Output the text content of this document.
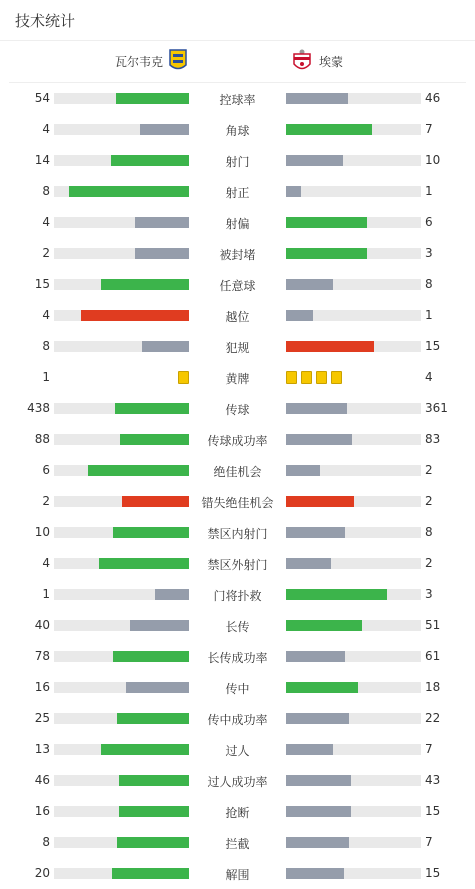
技术统计
瓦尔韦克	埃蒙
54	控球率	46
4	角球	7
14	射门	10
8	射正	1
4	射偏	6
2	被封堵	3
15	任意球	8
4	越位	1
8	犯规	15
1	黄牌	4
438	传球	361
88	传球成功率	83
6	绝佳机会	2
2	错失绝佳机会	2
10	禁区内射门	8
4	禁区外射门	2
1	门将扑救	3
40	长传	51
78	长传成功率	61
16	传中	18
25	传中成功率	22
13	过人	7
46	过人成功率	43
16	抢断	15
8	拦截	7
20	解围	15
